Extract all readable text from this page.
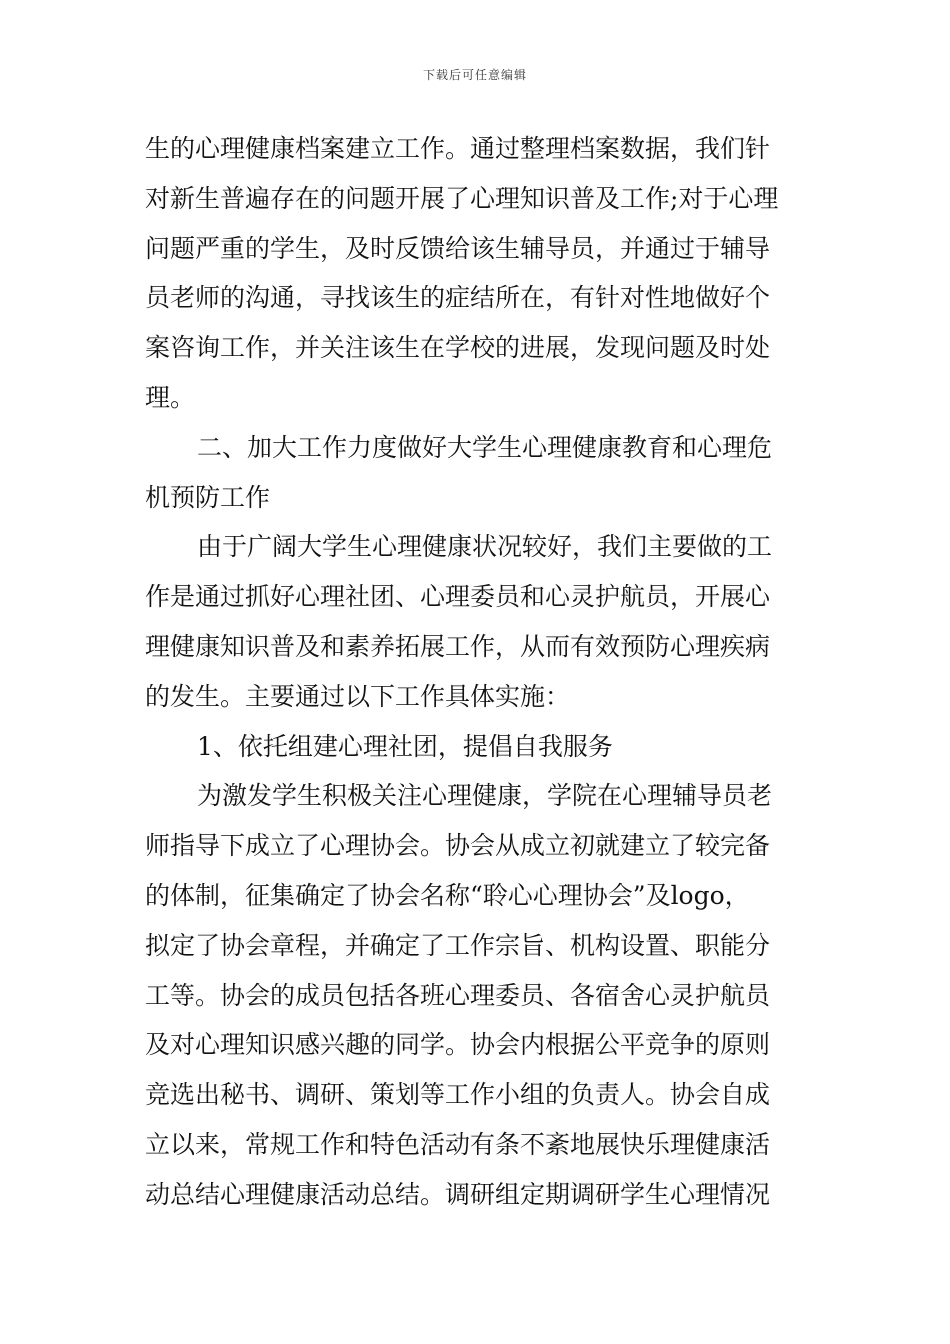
下载后可任意编辑
生的心理健康档案建立工作。通过整理档案数据，我们针
对新生普遍存在的问题开展了心理知识普及工作;对于心理
问题严重的学生，及时反馈给该生辅导员，并通过于辅导
员老师的沟通，寻找该生的症结所在，有针对性地做好个
案咨询工作，并关注该生在学校的进展，发现问题及时处
理。
二、加大工作力度做好大学生心理健康教育和心理危
机预防工作
由于广阔大学生心理健康状况较好，我们主要做的工
作是通过抓好心理社团、心理委员和心灵护航员，开展心
理健康知识普及和素养拓展工作，从而有效预防心理疾病
的发生。主要通过以下工作具体实施：
1、依托组建心理社团，提倡自我服务
为激发学生积极关注心理健康，学院在心理辅导员老
师指导下成立了心理协会。协会从成立初就建立了较完备
的体制，征集确定了协会名称“聆心心理协会”及logo，
拟定了协会章程，并确定了工作宗旨、机构设置、职能分
工等。协会的成员包括各班心理委员、各宿舍心灵护航员
及对心理知识感兴趣的同学。协会内根据公平竞争的原则
竞选出秘书、调研、策划等工作小组的负责人。协会自成
立以来，常规工作和特色活动有条不紊地展快乐理健康活
动总结心理健康活动总结。调研组定期调研学生心理情况
